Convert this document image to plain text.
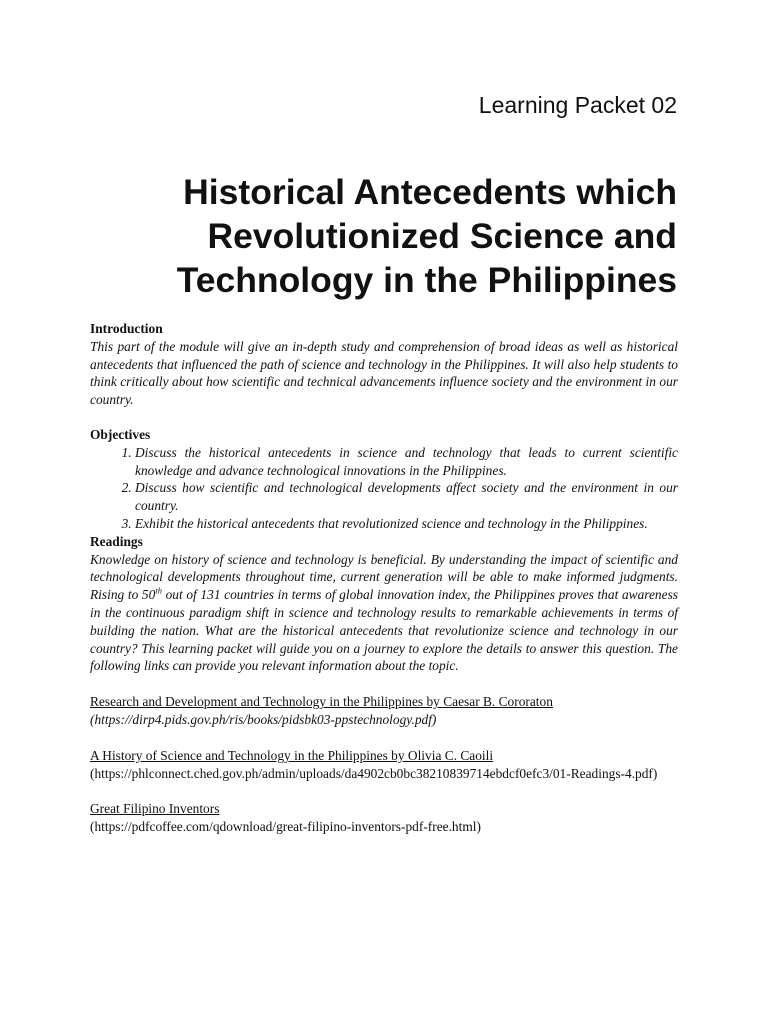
Learning Packet 02
Historical Antecedents which
Revolutionized Science and
Technology in the Philippines
Introduction
This part of the module will give an in-depth study and comprehension of broad ideas as well as historical antecedents that influenced the path of science and technology in the Philippines. It will also help students to think critically about how scientific and technical advancements influence society and the environment in our country.
Objectives
1. Discuss the historical antecedents in science and technology that leads to current scientific knowledge and advance technological innovations in the Philippines.
2. Discuss how scientific and technological developments affect society and the environment in our country.
3. Exhibit the historical antecedents that revolutionized science and technology in the Philippines.
Readings
Knowledge on history of science and technology is beneficial. By understanding the impact of scientific and technological developments throughout time, current generation will be able to make informed judgments. Rising to 50th out of 131 countries in terms of global innovation index, the Philippines proves that awareness in the continuous paradigm shift in science and technology results to remarkable achievements in terms of building the nation. What are the historical antecedents that revolutionize science and technology in our country? This learning packet will guide you on a journey to explore the details to answer this question. The following links can provide you relevant information about the topic.
Research and Development and Technology in the Philippines by Caesar B. Cororaton
(https://dirp4.pids.gov.ph/ris/books/pidsbk03-ppstechnology.pdf)
A History of Science and Technology in the Philippines by Olivia C. Caoili
(https://phlconnect.ched.gov.ph/admin/uploads/da4902cb0bc38210839714ebdcf0efc3/01-Readings-4.pdf)
Great Filipino Inventors
(https://pdfcoffee.com/qdownload/great-filipino-inventors-pdf-free.html)
